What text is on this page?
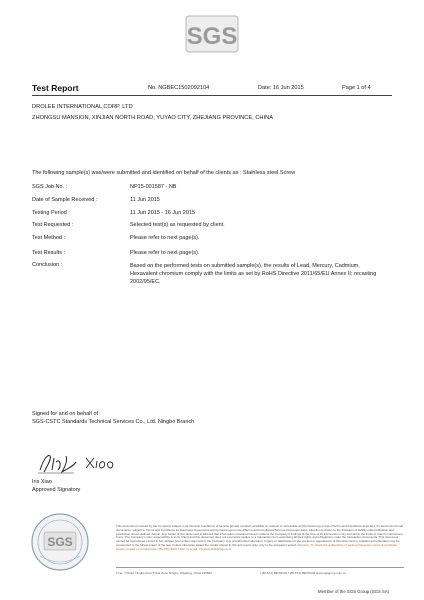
SGS
Test Report	No. NGBEC1502092104	Date: 16 Jun 2015	Page 1 of 4
DROLEE INTERNATIONAL CORP. LTD
ZHONGSU MANSION, XINJIAN NORTH ROAD, YUYAO CITY, ZHEJIANG PROVINCE, CHINA
The following sample(s) was/were submitted and identified on behalf of the clients as : Stainless steel Screw
SGS Job No. :	NP15-001587 - NB
Date of Sample Received :	11 Jun 2015
Testing Period :	11 Jun 2015 - 16 Jun 2015
Test Requested :	Selected test(s) as requested by client.
Test Method :	Please refer to next page(s).
Test Results :	Please refer to next page(s).
Conclusion :	Based on the performed tests on submitted sample(s), the results of Lead, Mercury, Cadmium, Hexavalent chromium comply with the limits as set by RoHS Directive 2011/65/EU Annex II; recasting 2002/95/EC.
Signed for and on behalf of
SGS-CSTC Standards Technical Services Co., Ltd. Ningbo Branch
Iris Xiao
Approved Signatory
SGS
This document is issued by the Company subject to its General Conditions of Service printed overleaf, available on request or accessible at http://www.sgs.com/en/Terms-and-Conditions.aspx and, for electronic format documents, subject to Terms and Conditions for Electronic Documents at http://www.sgs.com/en/Terms-and-Conditions/Terms-e-Document.aspx. Attention is drawn to the limitation of liability, indemnification and jurisdiction issues defined therein. Any holder of this document is advised that information contained hereon reflects the Company's findings at the time of its intervention only and within the limits of Client's instructions, if any. The Company's sole responsibility is to its Client and this document does not exonerate parties to a transaction from exercising all their rights and obligations under the transaction documents. This document cannot be reproduced except in full, without prior written approval of the Company. Any unauthorized alteration, forgery or falsification of the content or appearance of this document is unlawful and offenders may be prosecuted to the fullest extent of the law. Unless otherwise stated the results shown in this test report refer only to the sample(s) tested. Attention: To check the authenticity of testing /inspection report & certificate, please contact us at telephone: (86-755) 8307 1443, or email: CN.Doccheck@sgs.com
1 No. 7 Road, Ningbo Free Trade Zone Ningbo, Zhejiang, China 315800	t (86-574) 89070249 f (86-574) 89070242 www.sgsgroup.com.cn
Member of the SGS Group (SGS SA)
